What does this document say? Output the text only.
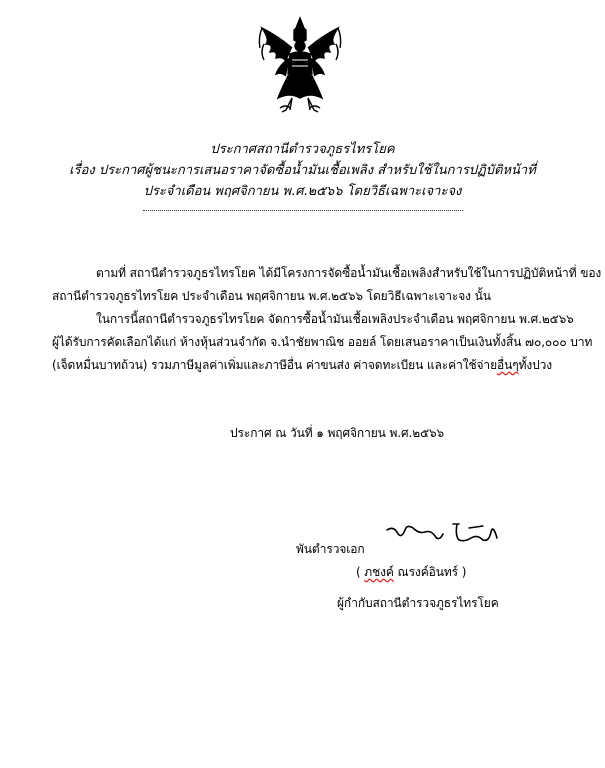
ประกาศสถานีตำรวจภูธรไทรโยค
เรื่อง ประกาศผู้ชนะการเสนอราคาจัดซื้อน้ำมันเชื้อเพลิง สำหรับใช้ในการปฏิบัติหน้าที่
ประจำเดือน พฤศจิกายน พ.ศ.๒๕๖๖ โดยวิธีเฉพาะเจาะจง
ตามที่ สถานีตำรวจภูธรไทรโยค ได้มีโครงการจัดซื้อน้ำมันเชื้อเพลิงสำหรับใช้ในการปฏิบัติหน้าที่ ของ
สถานีตำรวจภูธรไทรโยค ประจำเดือน พฤศจิกายน พ.ศ.๒๕๖๖ โดยวิธีเฉพาะเจาะจง นั้น
ในการนี้สถานีตำรวจภูธรไทรโยค จัดการซื้อน้ำมันเชื้อเพลิงประจำเดือน พฤศจิกายน พ.ศ.๒๕๖๖
ผู้ได้รับการคัดเลือกได้แก่ ห้างหุ้นส่วนจำกัด จ.นำชัยพาณิช ออยล์ โดยเสนอราคาเป็นเงินทั้งสิ้น ๗๐,๐๐๐ บาท
(เจ็ดหมื่นบาทถ้วน) รวมภาษีมูลค่าเพิ่มและภาษีอื่น ค่าขนส่ง ค่าจดทะเบียน และค่าใช้จ่ายอื่นๆทั้งปวง
ประกาศ ณ วันที่ ๑ พฤศจิกายน พ.ศ.๒๕๖๖
พันตำรวจเอก
( ภชงค์ ณรงค์อินทร์ )
ผู้กำกับสถานีตำรวจภูธรไทรโยค
